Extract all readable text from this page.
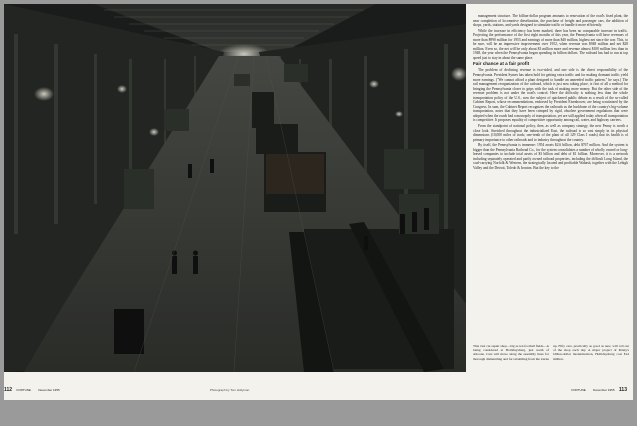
management structure. The billion-dollar program amounts to renovation of the road's fixed plant, the near completion of locomotive dieselization, the purchase of freight and passenger cars, the addition of shops, yards, stations, and yards designed to stimulate traffic or handle it more efficiently.

While the increase in efficiency has been marked, there has been no comparable increase in traffic. Projecting the performance of the first eight months of this year, the Pennsylvania will have revenues of more than $990 million for 1953 and earnings of more than $40 million, highest net since the war. This, to be sure, will be an impressive improvement over 1952, when revenue was $948 million and net $28 million. Even so, the net will be only about $3 million more and revenue almost $100 million less than in 1948, the year when the Pennsylvania began spending its billion dollars. The railroad has had to run at top speed just to stay in about the same place.

Fair chance at a fair profit

The problem of declining revenue is two-sided, and one side is the direct responsibility of the Pennsylvania. President Symes has taken hold for getting extra traffic and for making dormant traffic yield more earnings. ("We cannot afford a plant designed to handle an unneeded traffic pattern," he says.) The rail management reorganization of the railroad, which is just now taking place, is first of all a method for bringing the Pennsylvania closer to grips with the task of making more money. But the other side of the revenue problem is not under the road's control. Here the difficulty is nothing less than the whole transportation policy of the U.S., now the subject of quickened public debate as a result of the so-called Cabinet Report, whose recommendations, endorsed by President Eisenhower, are being scrutinized by the Congress. In sum, the Cabinet Report recognizes the railroads as the backbone of the country's big-volume transportation, notes that they have been crimped by rigid, obsolete government regulations that were adopted when the roads had a monopoly of transportation, yet are still applied today when all transportation is competitive. It proposes equality of competitive opportunity among rail, water, and highway carriers.

From the standpoint of national policy, then, as well as company strategy, the new Penny is worth a close look. Stretched throughout the industrialized East, the railroad is so vast simply in its physical dimensions (10,000 miles of track; one-tenth of the plant of all 129 Class I roads) that its health is of primary importance to other railroads and to industry throughout the country.

By itself, the Pennsylvania is immense: 1954 assets $2.6 billion, debt $767 million. And the system is bigger than the Pennsylvania Railroad Co., for the system consolidates a number of wholly owned or long-leased companies to include total assets of $3 billion and debt of $1 billion. Moreover, it is a network including separately operated and partly owned railroad properties, including the difficult Long Island, the coal-carrying Norfolk & Western, the strategically located and profitable Wabash, together with the Lehigh Valley and the Detroit, Toledo & Ironton. But the key to the

This vast car-repair shop—big as ten football fields—is being considered at Hollidaysburg, just south of Altoona. Cars will move along the assembly lines for thorough dismantling and for rebuilding from the trucks up. Fifty cars, practically as good as new, will roll out of the shop each day. A major project of Penny's billion-dollar modernization, Hollidaysburg cost $14 million.
112 FORTUNE December 1955	Photograph by Tom Hollyman	FORTUNE December 1955 113
